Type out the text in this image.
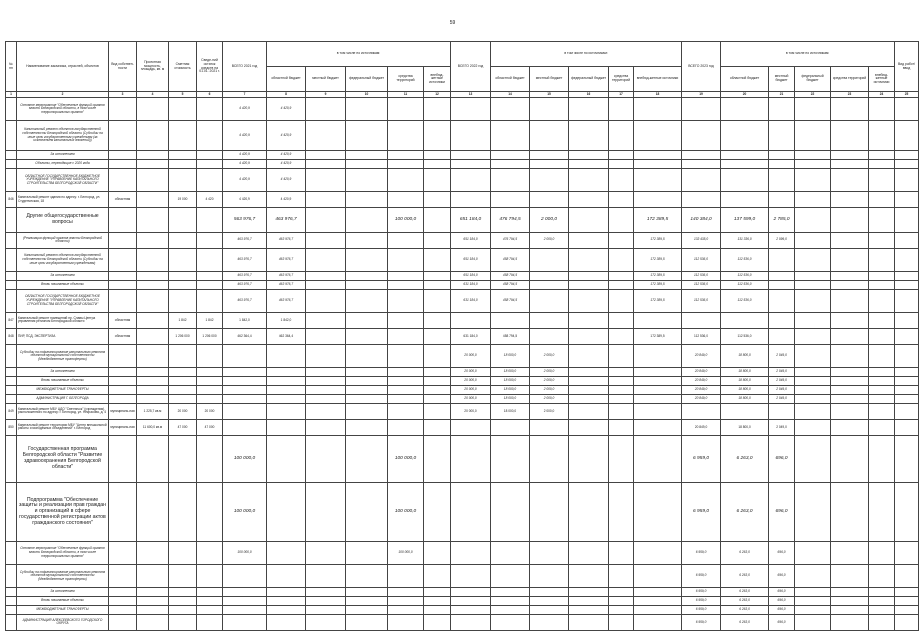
59
№ пп	Наименование заказчика, отраслей, объектов	Вид собствен-ности	Проектная мощность, площадь, кв. м	Сметная стоимость	Сведе-ний остаток средств на 01.01. 2021 г.	ВСЕГО 2021 год	в том числе по источникам:					ВСЕГО 2022 год	в том числе по источникам:					ВСЕГО 2023 год	в том числе по источникам:					Вид работ/ввод	
							областной бюджет	местный бюджет	федеральный бюджет	средства территорий	внебюд-жетные источники		областной бюджет	местный бюджет	федеральный бюджет	средства территорий	внебюд-жетные источники		областной бюджет	местный бюджет	федеральный бюджет	средства территорий	внебюд-жетные источники		
1	2	3	4	5	6	7	8	9	10	11	12	13	14	15	16	17	18	19	20	21	22	23	24	25	
	Основное мероприятие "Обеспечение функций органов власти Белгородской области, в том числе территориальных органов"					4 420,9	4 420,9																		
	Капитальный ремонт объектов государственной собственности Белгородской области (Субсидии на иные цели государственным учреждениям (за исключением капитальных вложений))					4 420,9	4 420,9																		
	За исполнением					4 420,9	4 420,9																		
	Объекты, переходящие с 2020 года					4 420,9	4 420,9																		
	ОБЛАСТНОЕ ГОСУДАРСТВЕННОЕ БЮДЖЕТНОЕ УЧРЕЖДЕНИЕ "УПРАВЛЕНИЕ КАПИТАЛЬНОГО СТРОИТЕЛЬСТВА БЕЛГОРОДСКОЙ ОБЛАСТИ"					4 420,9	4 420,9																		
846	Капитальный ремонт здания по адресу: г. Белгород, ул. Студенческая, 18	областная		19 000	4 420	4 420,9	4 420,9																		
	Другие общегосударственные вопросы					563 976,7	463 976,7			100 000,0		651 184,0	476 794,5	2 000,0			172 389,5	140 384,0	137 599,0	2 785,0					
	(Реализация функций органов власти Белгородской области)					463 976,7	463 976,7					651 184,0	476 794,5	2 000,0			172 389,5	133 435,0	131 336,0	2 099,0					
	Капитальный ремонт объектов государственной собственности Белгородской области (Субсидии на иные цели государственным учреждениям)					463 976,7	463 976,7					651 184,0	458 794,5				172 389,5	112 536,0	112 536,0						
	За исполнением					463 976,7	463 976,7					651 184,0	458 794,5				172 389,5	112 536,0	112 536,0						
	Вновь начинаемые объекты					463 976,7	463 976,7					631 184,0	458 794,5				172 389,5	112 536,0	112 536,0						
	ОБЛАСТНОЕ ГОСУДАРСТВЕННОЕ БЮДЖЕТНОЕ УЧРЕЖДЕНИЕ "УПРАВЛЕНИЕ КАПИТАЛЬНОГО СТРОИТЕЛЬСТВА БЕЛГОРОДСКОЙ ОБЛАСТИ"					463 976,7	463 976,7					631 184,0	458 794,5				172 389,5	112 536,0	112 536,0						
847	Капитальный ремонт помещений пр. Славы Центра управления регионом Белгородской области	областная		1 842	1 842	1 842,0	1 842,0																		
848	ПИР, ПСД, ЭКСПЕРТИЗА	областная		1 206 000	1 206 000	462 364,4	462 364,4					631 184,0	458 794,5				172 389,5	112 536,0	112 536,0						
	Субсидии на софинансирование капитального ремонта объектов муниципальной собственности (Межбюджетные трансферты)											20 000,0	18 000,0	2 000,0				20 849,0	18 800,0	2 049,0					
	За исполнением											20 000,0	18 000,0	2 000,0				20 849,0	18 800,0	2 049,0					
	Вновь начинаемые объекты											20 000,0	18 000,0	2 000,0				20 849,0	18 800,0	2 049,0					
	МЕЖБЮДЖЕТНЫЕ ТРАНСФЕРТЫ											20 000,0	18 000,0	2 000,0				20 849,0	18 800,0	2 049,0					
	АДМИНИСТРАЦИЯ Г. БЕЛГОРОДА											20 000,0	18 000,0	2 000,0				20 849,0	18 800,0	2 049,0					
849	Капитальный ремонт МБУ ЦДО "Светлячок" (учреждения), расположенного по адресу: г. Белгород, ул. Некрасова, д. 4	муниципаль-ная	1 225,7 кв.м	20 000	20 000							20 000,0	18 000,0	2 000,0											
850	Капитальный ремонт территории МБУ "Центр внешкольной работы и молодёжных объединений" г. Белгород	муниципаль-ная	11 600,0 кв.м	47 000	47 000													20 849,0	18 800,0	2 049,0					
	Государственная программа Белгородской области "Развитие здравоохранения Белгородской области"					100 000,0				100 000,0								6 959,0	6 263,0	696,0					
	Подпрограмма "Обеспечение защиты и реализации прав граждан и организаций в сфере государственной регистрации актов гражданского состояния"					100 000,0				100 000,0								6 959,0	6 263,0	696,0					
	Основное мероприятие "Обеспечение функций органов власти Белгородской области, в том числе территориальных органов"					100 000,0				100 000,0								6 959,0	6 263,0	696,0					
	Субсидии на софинансирование капитального ремонта объектов муниципальной собственности (Межбюджетные трансферты)																	6 959,0	6 263,0	696,0					
	За исполнением																	6 959,0	6 263,0	696,0					
	Вновь начинаемые объекты																	6 959,0	6 263,0	696,0					
	МЕЖБЮДЖЕТНЫЕ ТРАНСФЕРТЫ																	6 959,0	6 263,0	696,0					
	АДМИНИСТРАЦИЯ АЛЕКСЕЕВСКОГО ГОРОДСКОГО ОКРУГА																	6 959,0	6 263,0	696,0					
